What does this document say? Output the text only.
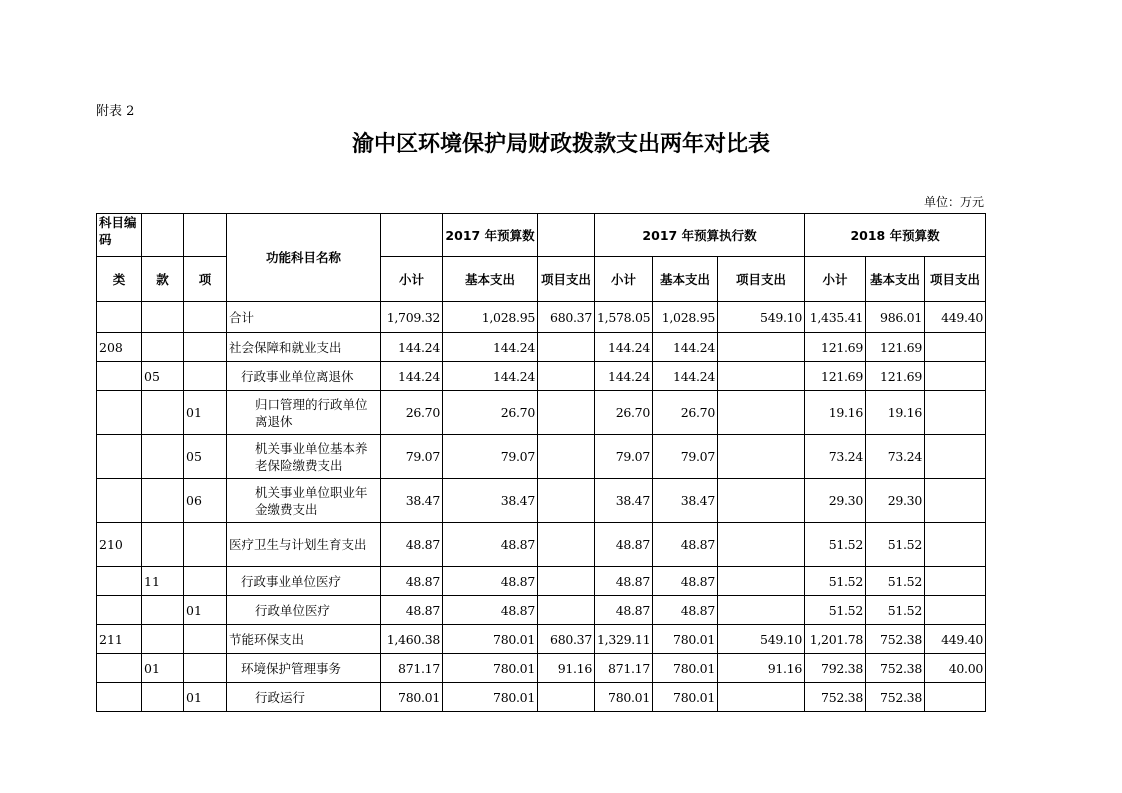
附表 2
渝中区环境保护局财政拨款支出两年对比表
单位：万元
科目编码			功能科目名称		2017 年预算数		2017 年预算执行数			2018 年预算数		
类	款	项		小计	基本支出	项目支出	小计	基本支出	项目支出	小计	基本支出	项目支出
			合计	1,709.32	1,028.95	680.37	1,578.05	1,028.95	549.10	1,435.41	986.01	449.40
208			社会保障和就业支出	144.24	144.24		144.24	144.24		121.69	121.69	
	05		行政事业单位离退休	144.24	144.24		144.24	144.24		121.69	121.69	
		01	归口管理的行政单位离退休	26.70	26.70		26.70	26.70		19.16	19.16	
		05	机关事业单位基本养老保险缴费支出	79.07	79.07		79.07	79.07		73.24	73.24	
		06	机关事业单位职业年金缴费支出	38.47	38.47		38.47	38.47		29.30	29.30	
210			医疗卫生与计划生育支出	48.87	48.87		48.87	48.87		51.52	51.52	
	11		行政事业单位医疗	48.87	48.87		48.87	48.87		51.52	51.52	
		01	行政单位医疗	48.87	48.87		48.87	48.87		51.52	51.52	
211			节能环保支出	1,460.38	780.01	680.37	1,329.11	780.01	549.10	1,201.78	752.38	449.40
	01		环境保护管理事务	871.17	780.01	91.16	871.17	780.01	91.16	792.38	752.38	40.00
		01	行政运行	780.01	780.01		780.01	780.01		752.38	752.38	
